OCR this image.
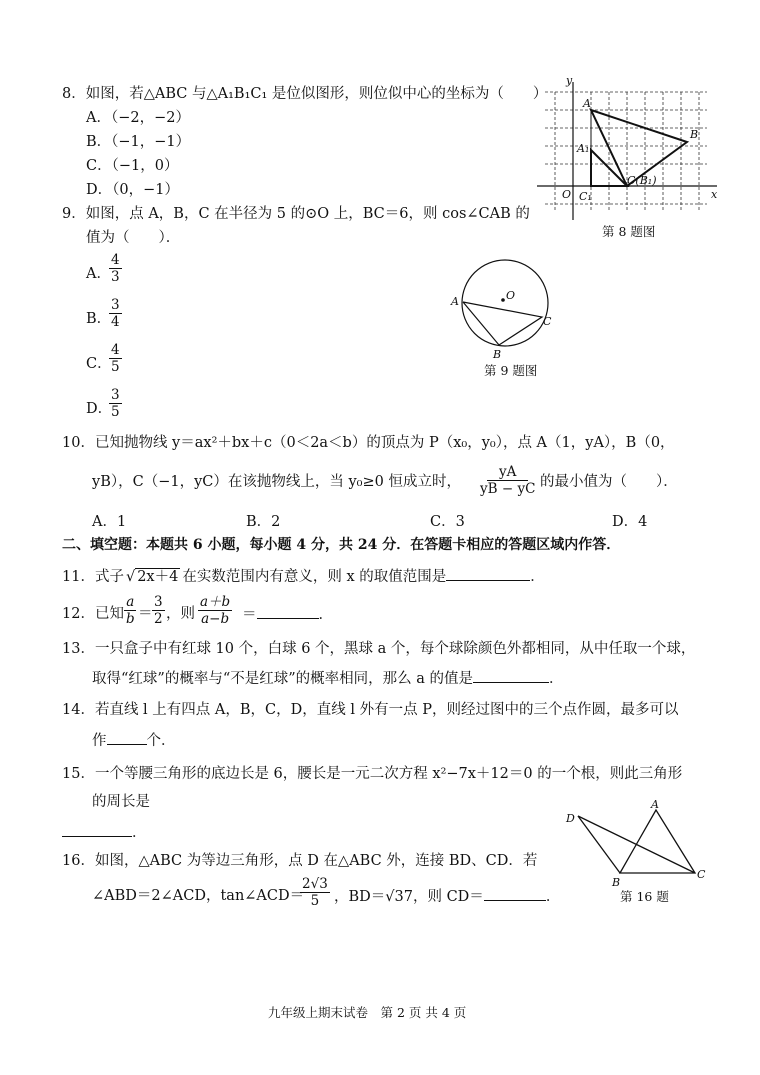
8．如图，若△ABC 与△A₁B₁C₁ 是位似图形，则位似中心的坐标为（　　）
A．（−2，−2）
B．（−1，−1）
C．（−1，0）
D．（0，−1）
y
x
O
A
B
A₁
C(B₁)
C₁
第 8 题图
9．如图，点 A，B，C 在半径为 5 的⊙O 上，BC＝6，则 cos∠CAB 的
值为（　　）．
A．
$\frac{4}{3}$
B．
$\frac{3}{4}$
C．
$\frac{4}{5}$
D．
$\frac{3}{5}$
A	O
B
C
第 9 题图
10．已知抛物线 y＝ax²＋bx＋c（0＜2a＜b）的顶点为 P（x₀，y₀），点 A（1，yA），B（0，
yB），C（−1，yC）在该抛物线上，当 y₀≥0 恒成立时， $\frac{yA}{yB - yC}$ 的最小值为（　　）．
A．1	B．2	C．3	D．4
二、填空题：本题共 6 小题，每小题 4 分，共 24 分．在答题卡相应的答题区域内作答．
11．式子 √ 2x＋4 在实数范围内有意义，则 x 的取值范围是	．
12．已知 $\frac{a}{b} = \frac{3}{2}$ ，则 $\frac{a+b}{a-b}$ ＝	．
13．一只盒子中有红球 10 个，白球 6 个，黑球 a 个，每个球除颜色外都相同，从中任取一个球，
取得“红球”的概率与“不是红球”的概率相同，那么 a 的值是	．
14．若直线 l 上有四点 A，B，C，D，直线 l 外有一点 P，则经过图中的三个点作圆，最多可以
作	个．
15．一个等腰三角形的底边长是 6，腰长是一元二次方程 x²−7x＋12＝0 的一个根，则此三角形
的周长是
．
16．如图，△ABC 为等边三角形，点 D 在△ABC 外，连接 BD、CD．若
∠ABD＝2∠ACD，tan∠ACD＝
$\frac{2√3}{5}$ ，BD＝√37，则 CD＝	．
D
A
B
C
第 16 题
九年级上期末试卷　第 2 页 共 4 页
